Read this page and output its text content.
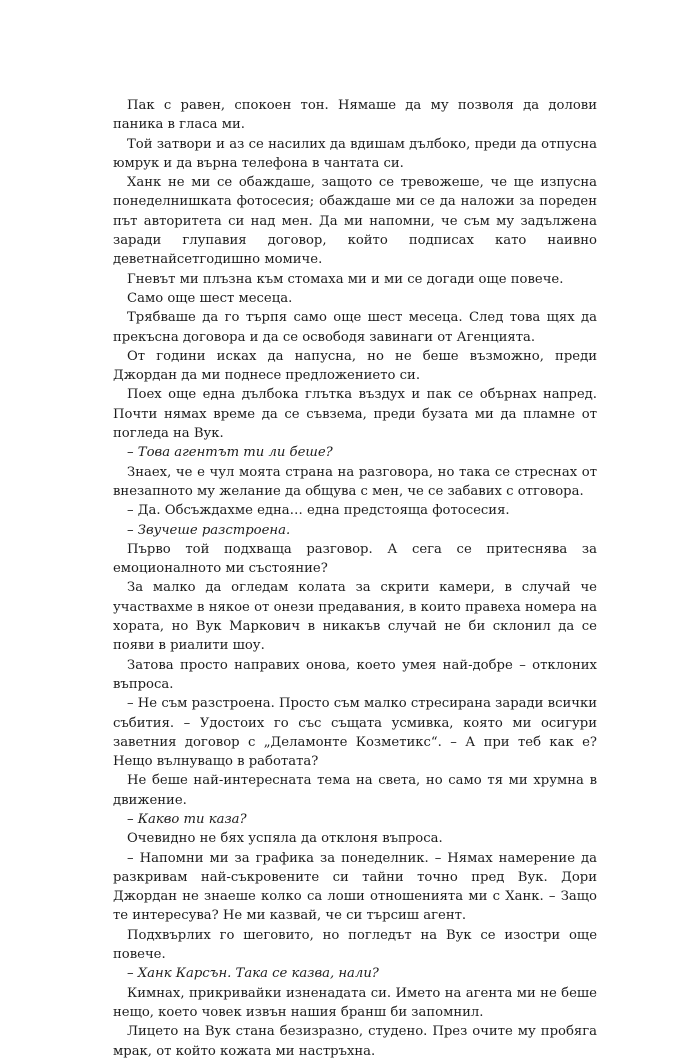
Пак с равен, спокоен тон. Нямаше да му позволя да долови паника в гласа ми.

Той затвори и аз се насилих да вдишам дълбоко, преди да отпусна юмрук и да върна телефона в чантата си.

Ханк не ми се обаждаше, защото се тревожеше, че ще изпусна понеделнишката фотосесия; обаждаше ми се да наложи за пореден път авторитета си над мен. Да ми напомни, че съм му задължена заради глупавия договор, който подписах като наивно деветнайсетгодишно момиче.

Гневът ми плъзна към стомаха ми и ми се догади още повече.

Само още шест месеца.

Трябваше да го търпя само още шест месеца. След това щях да прекъсна договора и да се освободя завинаги от Агенцията.

От години исках да напусна, но не беше възможно, преди Джордан да ми поднесе предложението си.

Поех още една дълбока глътка въздух и пак се обърнах напред. Почти нямах време да се съвзема, преди бузата ми да пламне от погледа на Вук.

– Това агентът ти ли беше?

Знаех, че е чул моята страна на разговора, но така се стреснах от внезапното му желание да общува с мен, че се забавих с отговора.

– Да. Обсъждахме една… една предстояща фотосесия.

– Звучеше разстроена.

Първо той подхваща разговор. А сега се притеснява за емоционалното ми състояние?

За малко да огледам колата за скрити камери, в случай че участвахме в някое от онези предавания, в които правеха номера на хората, но Вук Маркович в никакъв случай не би склонил да се появи в риалити шоу.

Затова просто направих онова, което умея най-добре – отклоних въпроса.

– Не съм разстроена. Просто съм малко стресирана заради всички събития. – Удостоих го със същата усмивка, която ми осигури заветния договор с „Деламонте Козметикс“. – А при теб как е? Нещо вълнуващо в работата?

Не беше най-интересната тема на света, но само тя ми хрумна в движение.

– Какво ти каза?

Очевидно не бях успяла да отклоня въпроса.

– Напомни ми за графика за понеделник. – Нямах намерение да разкривам най-съкровените си тайни точно пред Вук. Дори Джордан не знаеше колко са лоши отношенията ми с Ханк. – Защо те интересува? Не ми казвай, че си търсиш агент.

Подхвърлих го шеговито, но погледът на Вук се изостри още повече.

– Ханк Карсън. Така се казва, нали?

Кимнах, прикривайки изненадата си. Името на агента ми не беше нещо, което човек извън нашия бранш би запомнил.

Лицето на Вук стана безизразно, студено. През очите му пробягa мрак, от който кожата ми настръхна.
